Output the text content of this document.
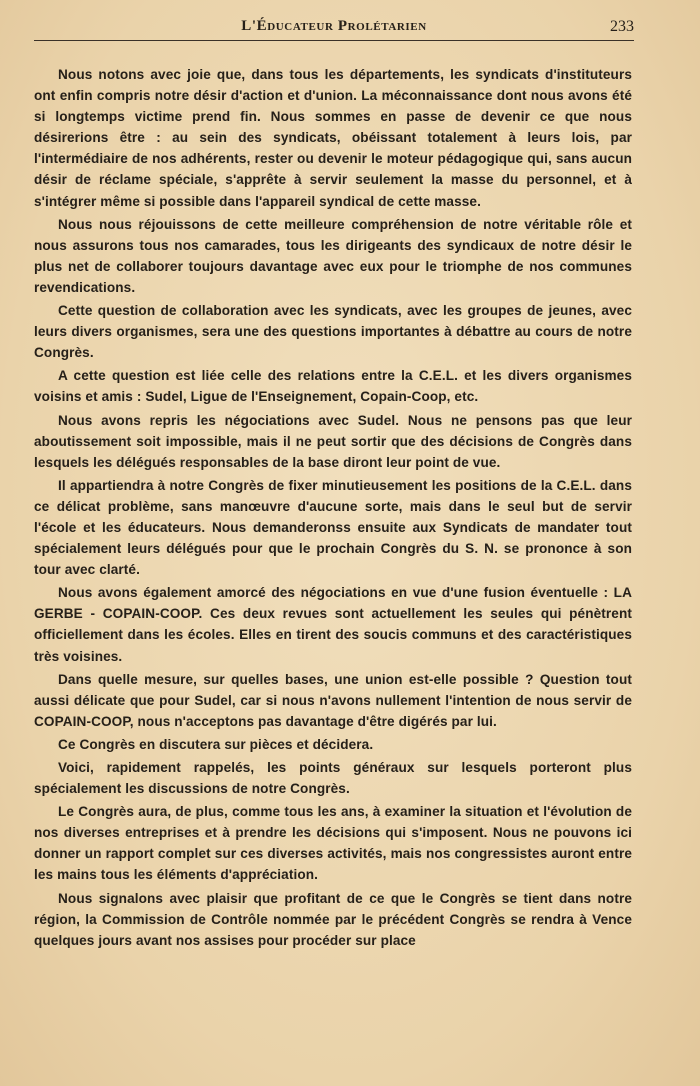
L'Éducateur Prolétarien	233

Nous notons avec joie que, dans tous les départements, les syndicats d'instituteurs ont enfin compris notre désir d'action et d'union. La méconnaissance dont nous avons été si longtemps victime prend fin. Nous sommes en passe de devenir ce que nous désirerions être : au sein des syndicats, obéissant totalement à leurs lois, par l'intermédiaire de nos adhérents, rester ou devenir le moteur pédagogique qui, sans aucun désir de réclame spéciale, s'apprête à servir seulement la masse du personnel, et à s'intégrer même si possible dans l'appareil syndical de cette masse.

Nous nous réjouissons de cette meilleure compréhension de notre véritable rôle et nous assurons tous nos camarades, tous les dirigeants des syndicaux de notre désir le plus net de collaborer toujours davantage avec eux pour le triomphe de nos communes revendications.

Cette question de collaboration avec les syndicats, avec les groupes de jeunes, avec leurs divers organismes, sera une des questions importantes à débattre au cours de notre Congrès.

A cette question est liée celle des relations entre la C.E.L. et les divers organismes voisins et amis : Sudel, Ligue de l'Enseignement, Copain-Coop, etc.

Nous avons repris les négociations avec Sudel. Nous ne pensons pas que leur aboutissement soit impossible, mais il ne peut sortir que des décisions de Congrès dans lesquels les délégués responsables de la base diront leur point de vue.

Il appartiendra à notre Congrès de fixer minutieusement les positions de la C.E.L. dans ce délicat problème, sans manœuvre d'aucune sorte, mais dans le seul but de servir l'école et les éducateurs. Nous demanderonss ensuite aux Syndicats de mandater tout spécialement leurs délégués pour que le prochain Congrès du S. N. se prononce à son tour avec clarté.

Nous avons également amorcé des négociations en vue d'une fusion éventuelle : LA GERBE - COPAIN-COOP. Ces deux revues sont actuellement les seules qui pénètrent officiellement dans les écoles. Elles en tirent des soucis communs et des caractéristiques très voisines.

Dans quelle mesure, sur quelles bases, une union est-elle possible ? Question tout aussi délicate que pour Sudel, car si nous n'avons nullement l'intention de nous servir de COPAIN-COOP, nous n'acceptons pas davantage d'être digérés par lui.

Ce Congrès en discutera sur pièces et décidera.

Voici, rapidement rappelés, les points généraux sur lesquels porteront plus spécialement les discussions de notre Congrès.

Le Congrès aura, de plus, comme tous les ans, à examiner la situation et l'évolution de nos diverses entreprises et à prendre les décisions qui s'imposent. Nous ne pouvons ici donner un rapport complet sur ces diverses activités, mais nos congressistes auront entre les mains tous les éléments d'appréciation.

Nous signalons avec plaisir que profitant de ce que le Congrès se tient dans notre région, la Commission de Contrôle nommée par le précédent Congrès se rendra à Vence quelques jours avant nos assises pour procéder sur place
